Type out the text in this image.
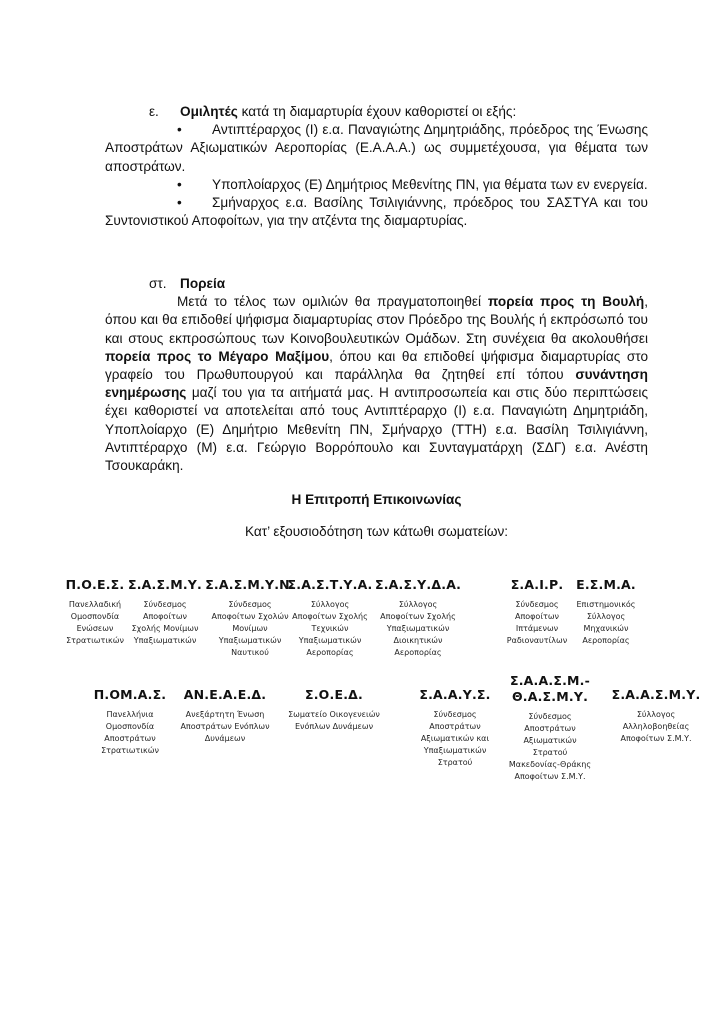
ε. Ομιλητές κατά τη διαμαρτυρία έχουν καθοριστεί οι εξής:

• Αντιπτέραρχος (Ι) ε.α. Παναγιώτης Δημητριάδης, πρόεδρος της Ένωσης Αποστράτων Αξιωματικών Αεροπορίας (Ε.Α.Α.Α.) ως συμμετέχουσα, για θέματα των αποστράτων.

• Υποπλοίαρχος (Ε) Δημήτριος Μεθενίτης ΠΝ, για θέματα των εν ενεργεία.

• Σμήναρχος ε.α. Βασίλης Τσιλιγιάννης, πρόεδρος του ΣΑΣΤΥΑ και του Συντονιστικού Αποφοίτων, για την ατζέντα της διαμαρτυρίας.

στ. Πορεία

Μετά το τέλος των ομιλιών θα πραγματοποιηθεί πορεία προς τη Βουλή, όπου και θα επιδοθεί ψήφισμα διαμαρτυρίας στον Πρόεδρο της Βουλής ή εκπρόσωπό του και στους εκπροσώπους των Κοινοβουλευτικών Ομάδων. Στη συνέχεια θα ακολουθήσει πορεία προς το Μέγαρο Μαξίμου, όπου και θα επιδοθεί ψήφισμα διαμαρτυρίας στο γραφείο του Πρωθυπουργού και παράλληλα θα ζητηθεί επί τόπου συνάντηση ενημέρωσης μαζί του για τα αιτήματά μας. Η αντιπροσωπεία και στις δύο περιπτώσεις έχει καθοριστεί να αποτελείται από τους Αντιπτέραρχο (Ι) ε.α. Παναγιώτη Δημητριάδη, Υποπλοίαρχο (Ε) Δημήτριο Μεθενίτη ΠΝ, Σμήναρχο (ΤΤΗ) ε.α. Βασίλη Τσιλιγιάννη, Αντιπτέραρχο (Μ) ε.α. Γεώργιο Βορρόπουλο και Συνταγματάρχη (ΣΔΓ) ε.α. Ανέστη Τσουκαράκη.

Η Επιτροπή Επικοινωνίας
Κατ’ εξουσιοδότηση των κάτωθι σωματείων:
Π.Ο.Ε.Σ.
Πανελλαδική
Ομοσπονδία
Ενώσεων
Στρατιωτικών
Σ.Α.Σ.Μ.Υ.
Σύνδεσμος
Αποφοίτων
Σχολής Μονίμων
Υπαξιωματικών
Σ.Α.Σ.Μ.Υ.Ν.
Σύνδεσμος
Αποφοίτων Σχολών
Μονίμων
Υπαξιωματικών
Ναυτικού
Σ.Α.Σ.Τ.Υ.Α.
Σύλλογος
Αποφοίτων Σχολής
Τεχνικών
Υπαξιωματικών
Αεροπορίας
Σ.Α.Σ.Υ.Δ.Α.
Σύλλογος
Αποφοίτων Σχολής
Υπαξιωματικών
Διοικητικών
Αεροπορίας
Σ.Α.Ι.Ρ.
Σύνδεσμος
Αποφοίτων
Ιπτάμενων
Ραδιοναυτίλων
Ε.Σ.Μ.Α.
Επιστημονικός
Σύλλογος
Μηχανικών
Αεροπορίας
Π.ΟΜ.Α.Σ.
Πανελλήνια
Ομοσπονδία
Αποστράτων
Στρατιωτικών
ΑΝ.Ε.Α.Ε.Δ.
Ανεξάρτητη Ένωση
Αποστράτων Ενόπλων
Δυνάμεων
Σ.Ο.Ε.Δ.
Σωματείο Οικογενειών
Ενόπλων Δυνάμεων
Σ.Α.Α.Υ.Σ.
Σύνδεσμος
Αποστράτων
Αξιωματικών και
Υπαξιωματικών
Στρατού
Σ.Α.Α.Σ.Μ.-
Θ.Α.Σ.Μ.Υ.
Σύνδεσμος
Αποστράτων
Αξιωματικών
Στρατού
Μακεδονίας-Θράκης
Αποφοίτων Σ.Μ.Υ.
Σ.Α.Α.Σ.Μ.Υ.
Σύλλογος
Αλληλοβοηθείας
Αποφοίτων Σ.Μ.Υ.
